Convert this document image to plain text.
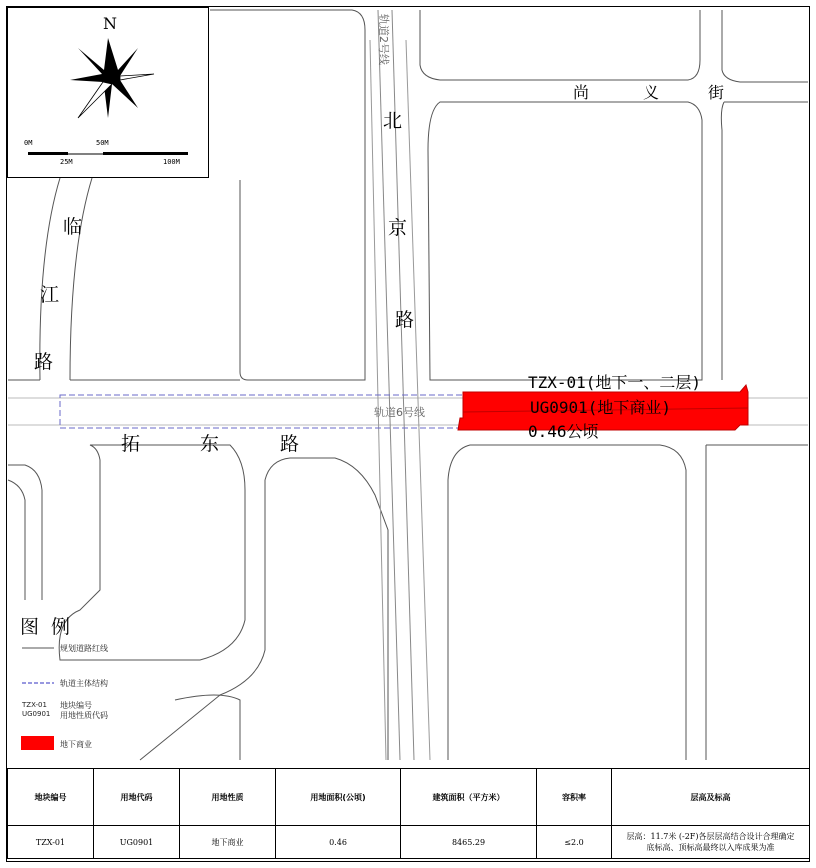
N
0M
25M
50M
100M
尚	义	街
北
京
路
临
江
路
拓	东	路
轨道2号线
轨道6号线
TZX-01(地下一、二层)
UG0901(地下商业)
0.46公顷
图 例
规划道路红线
轨道主体结构
TZX-01
UG0901
地块编号
用地性质代码
地下商业
地块编号	用地代码	用地性质	用地面积(公顷)	建筑面积（平方米）	容积率	层高及标高
TZX-01	UG0901	地下商业	0.46	8465.29	≤2.0	层高：11.7米 (-2F)各层层高结合设计合理确定
底标高、顶标高最终以入库成果为准
